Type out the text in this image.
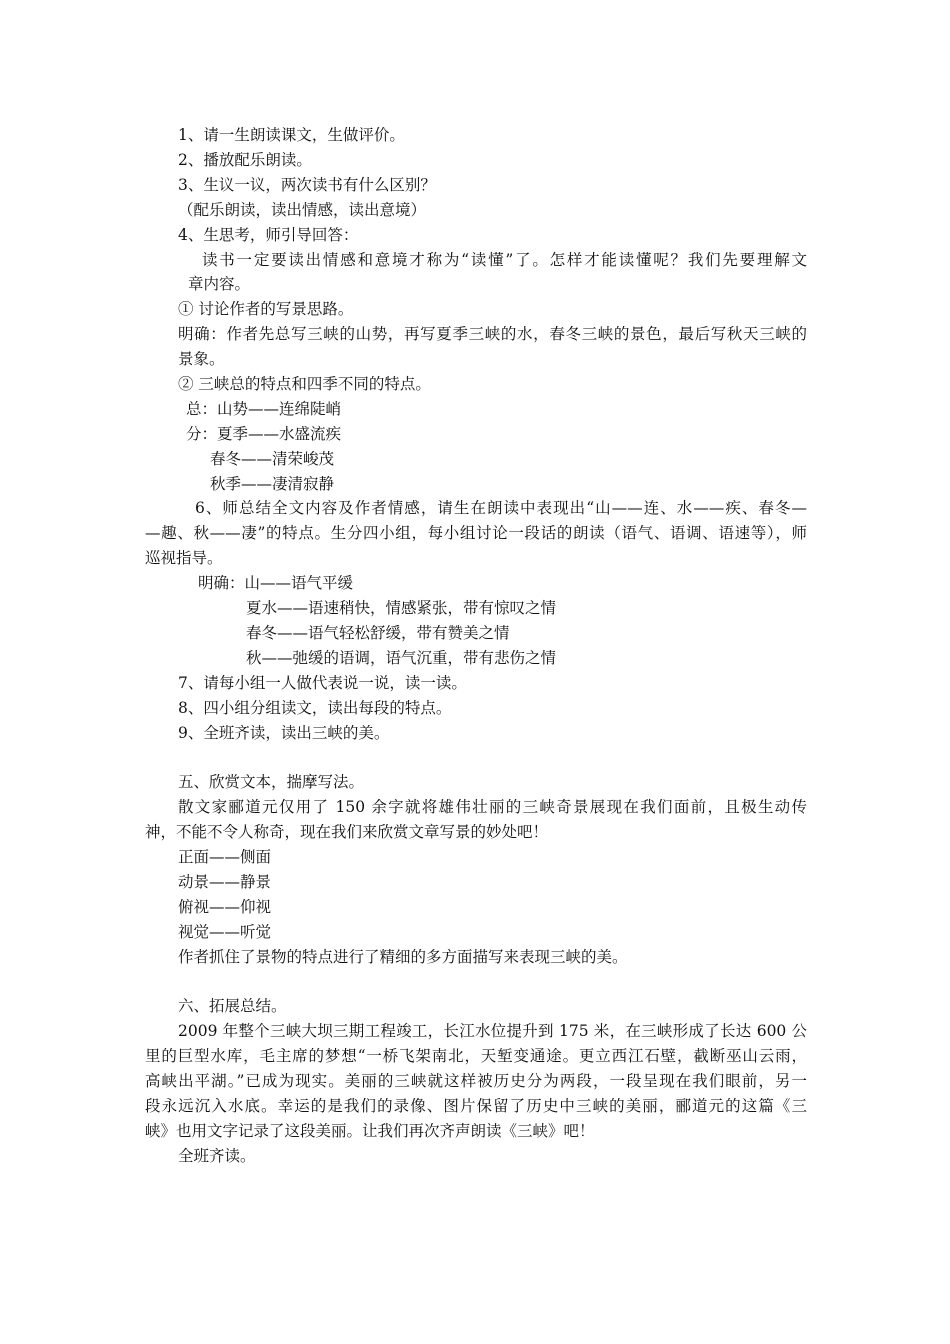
1、请一生朗读课文，生做评价。
2、播放配乐朗读。
3、生议一议，两次读书有什么区别？
（配乐朗读，读出情感，读出意境）
4、生思考，师引导回答：
读书一定要读出情感和意境才称为“读懂”了。怎样才能读懂呢？我们先要理解文
章内容。
① 讨论作者的写景思路。
明确：作者先总写三峡的山势，再写夏季三峡的水，春冬三峡的景色，最后写秋天三峡的
景象。
② 三峡总的特点和四季不同的特点。
总：山势——连绵陡峭
分：夏季——水盛流疾
春冬——清荣峻茂
秋季——凄清寂静
6、师总结全文内容及作者情感，请生在朗读中表现出“山——连、水——疾、春冬—
—趣、秋——凄”的特点。生分四小组，每小组讨论一段话的朗读（语气、语调、语速等），师
巡视指导。
明确：山——语气平缓
夏水——语速稍快，情感紧张，带有惊叹之情
春冬——语气轻松舒缓，带有赞美之情
秋——弛缓的语调，语气沉重，带有悲伤之情
7、请每小组一人做代表说一说，读一读。
8、四小组分组读文，读出每段的特点。
9、全班齐读，读出三峡的美。
五、欣赏文本，揣摩写法。
散文家郦道元仅用了 150 余字就将雄伟壮丽的三峡奇景展现在我们面前，且极生动传
神，不能不令人称奇，现在我们来欣赏文章写景的妙处吧！
正面——侧面
动景——静景
俯视——仰视
视觉——听觉
作者抓住了景物的特点进行了精细的多方面描写来表现三峡的美。
六、拓展总结。
2009 年整个三峡大坝三期工程竣工，长江水位提升到 175 米，在三峡形成了长达 600 公
里的巨型水库，毛主席的梦想“一桥飞架南北，天堑变通途。更立西江石壁，截断巫山云雨，
高峡出平湖。”已成为现实。美丽的三峡就这样被历史分为两段，一段呈现在我们眼前，另一
段永远沉入水底。幸运的是我们的录像、图片保留了历史中三峡的美丽，郦道元的这篇《三
峡》也用文字记录了这段美丽。让我们再次齐声朗读《三峡》吧！
全班齐读。
